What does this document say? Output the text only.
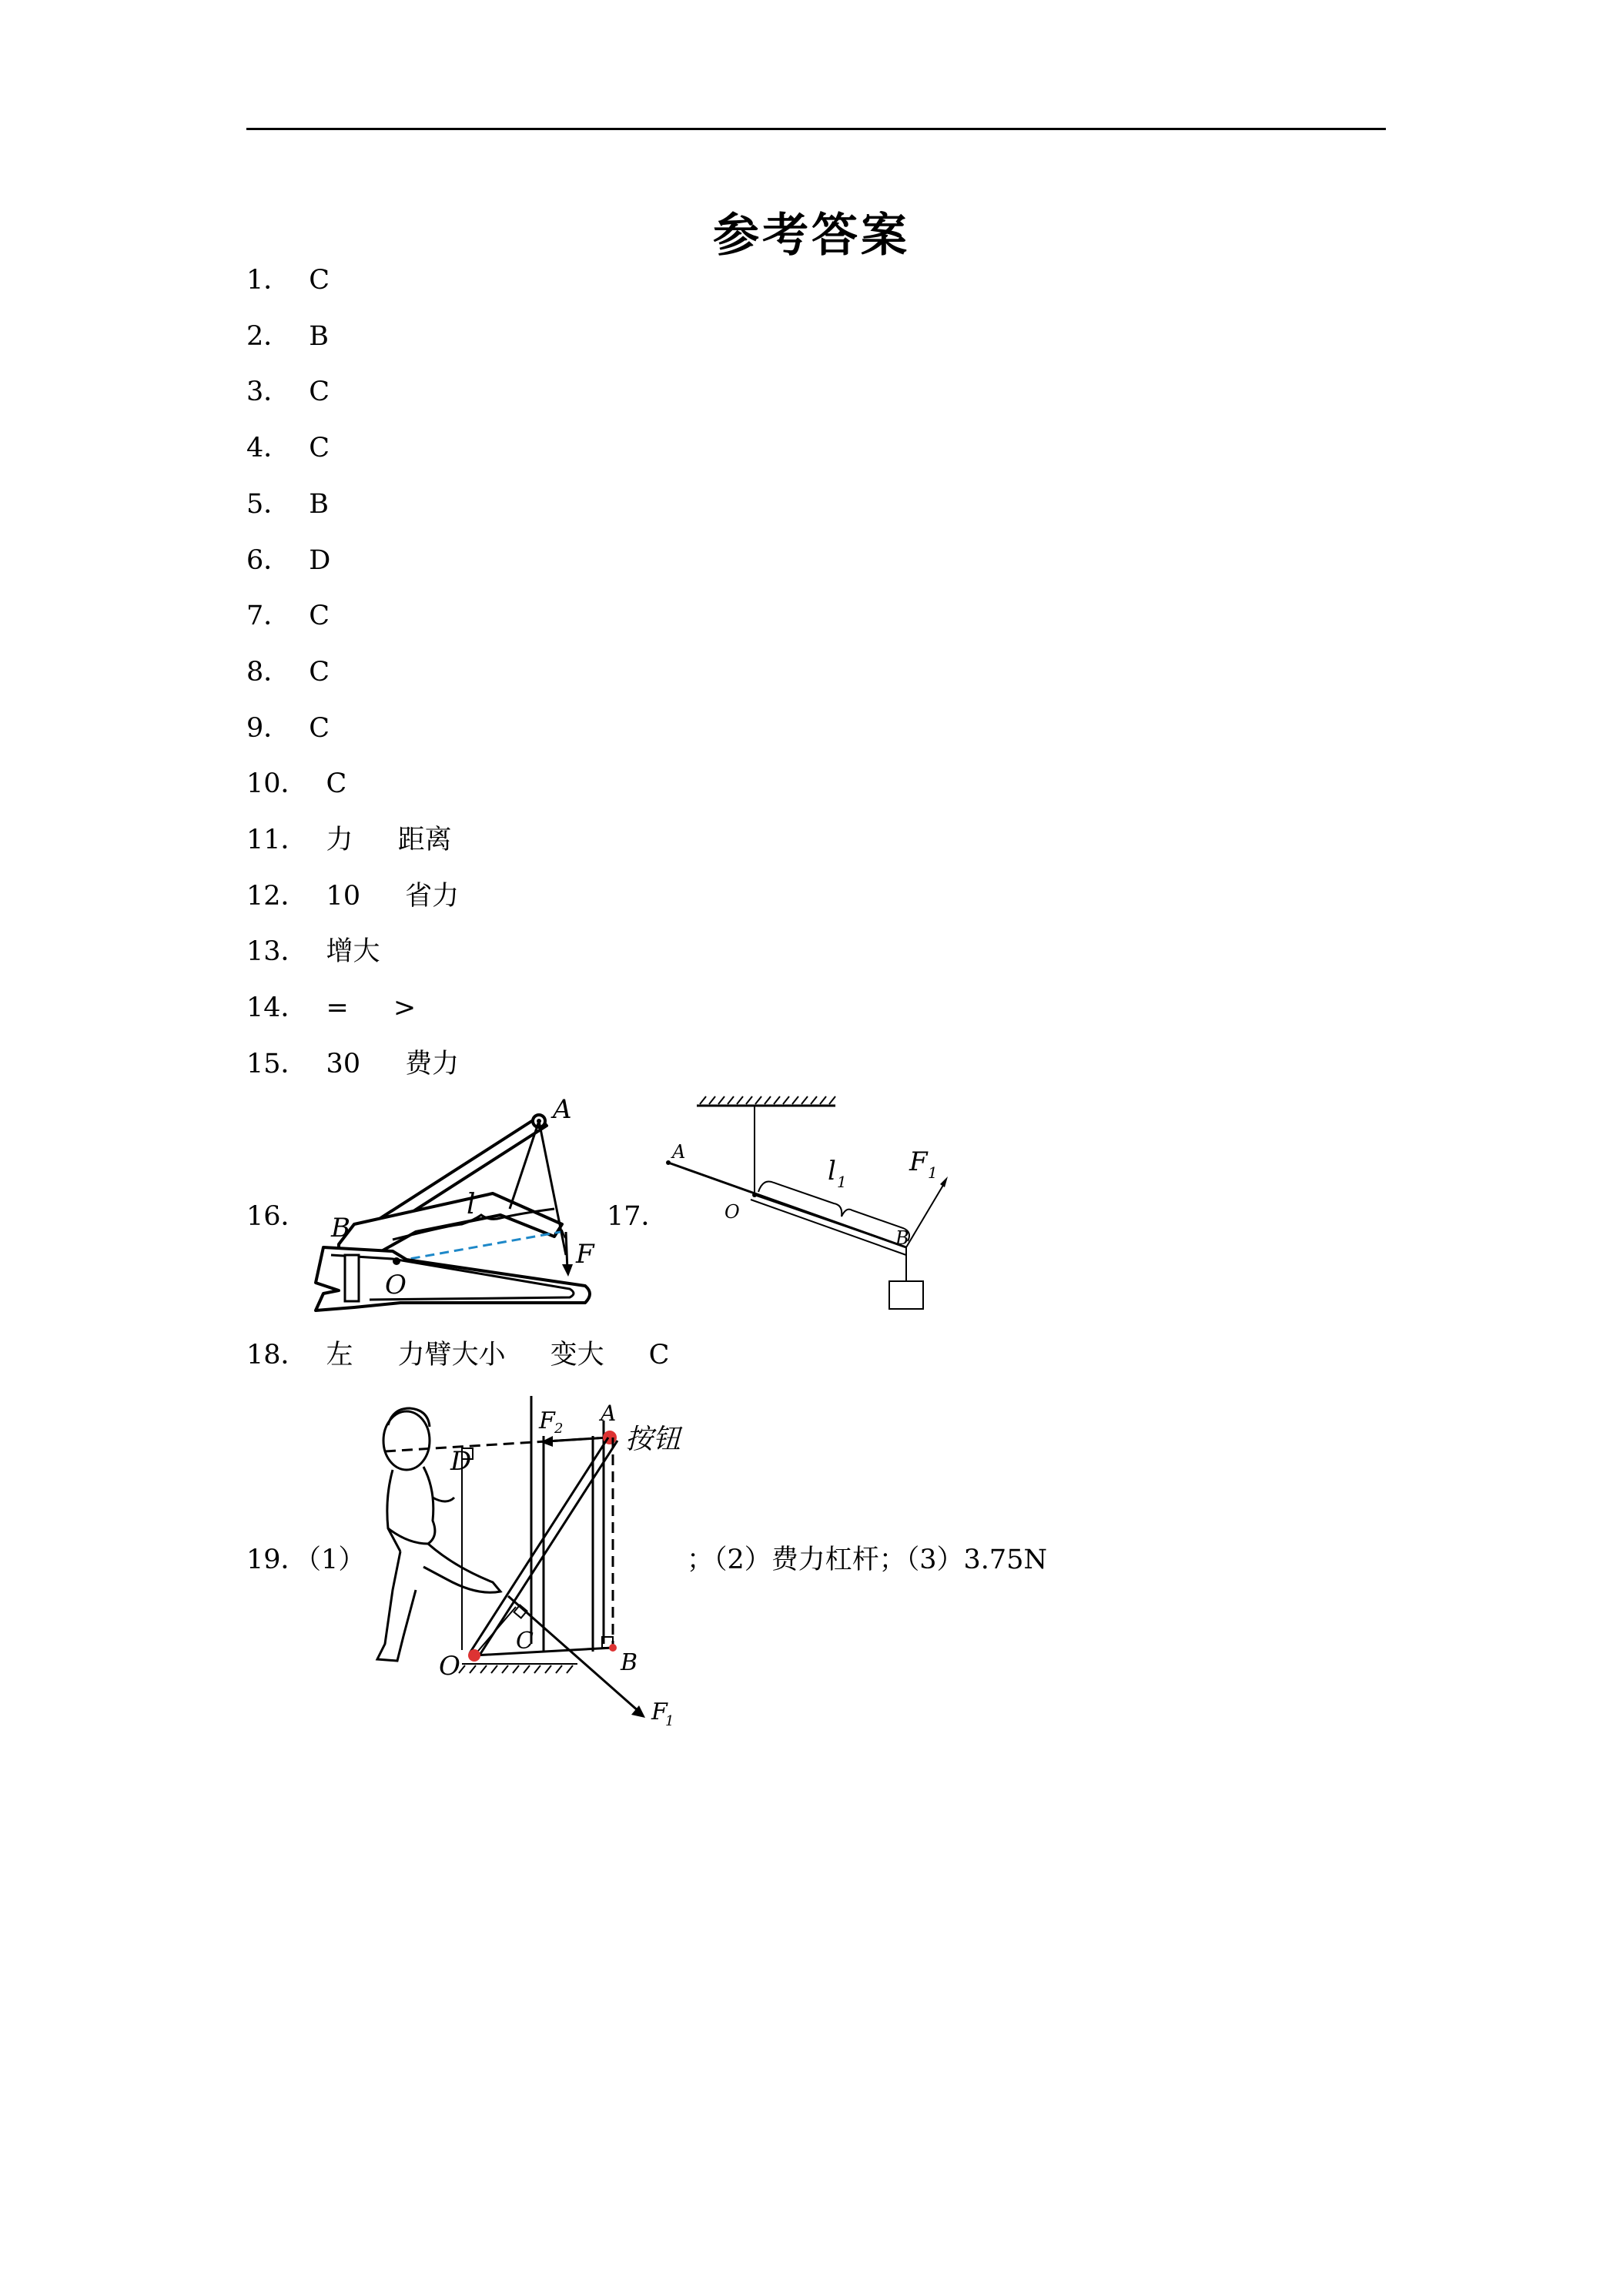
参考答案
1． C
2． B
3． C
4． C
5． B
6． D
7． C
8． C
9． C
10． C
11． 力 距离
12． 10 省力
13． 增大
14． = >
15． 30 费力
16．
A
B
O
F
l	17．
A
O
B
l 1
F 1
18． 左 力臂大小 变大 C
19．（1）	；（2）费力杠杆；（3）3.75N
D
A
F 2 按钮
C
O	B
F
1
